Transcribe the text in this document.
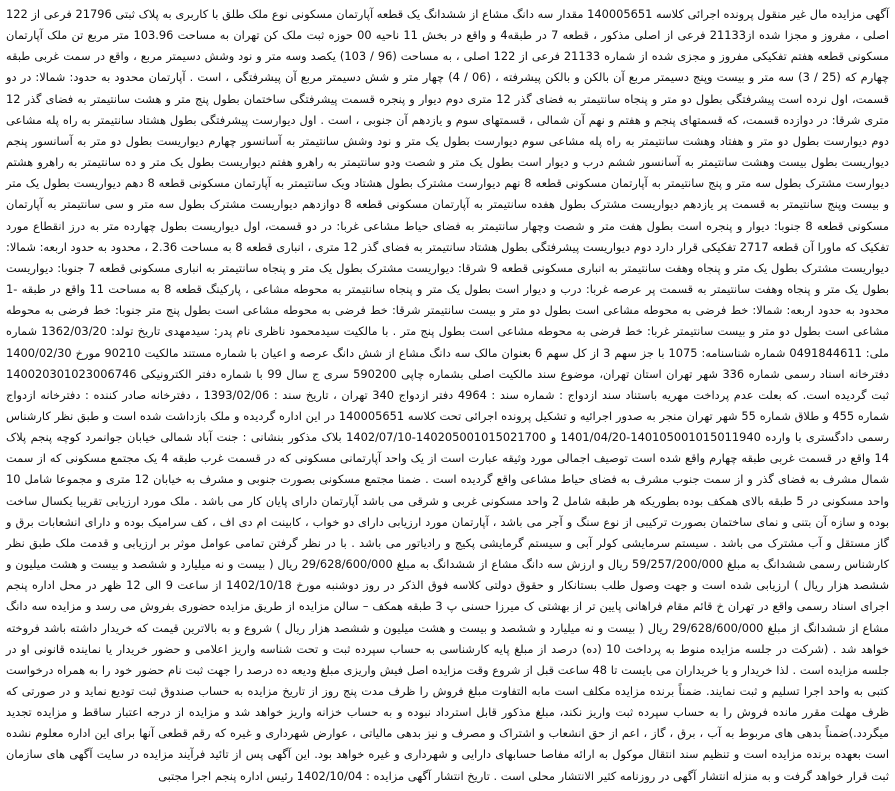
آگهی مزایده مال غیر منقول پرونده اجرائی کلاسه 140005651 مقدار سه دانگ مشاع از ششدانگ یک قطعه آپارتمان مسکونی نوع ملک طلق با کاربری به پلاک ثبتی 21796 فرعی از 122 اصلی ، مفروز و مجزا شده از21133 فرعی از اصلی مذکور ، قطعه 7 در طبقه4 و واقع در بخش 11 ناحیه 00 حوزه ثبت ملک کن تهران به مساحت 103.96 متر مربع تن ملک آپارتمان مسکونی قطعه هفتم تفکیکی مفروز و مجزی شده از شماره 21133 فرعی از 122 اصلی ، به مساحت (96 / 103) یکصد وسه متر و نود وشش دسیمتر مربع ، واقع در سمت غربی طبقه چهارم که (25 / 3) سه متر و بیست وپنج دسیمتر مربع آن بالکن و بالکن پیشرفته ، (06 / 4) چهار متر و شش دسیمتر مربع آن پیشرفتگی ، است . آپارتمان محدود به حدود: شمالا: در دو قسمت، اول نرده است پیشرفتگی بطول دو متر و پنجاه سانتیمتر به فضای گذر 12 متری دوم دیوار و پنجره قسمت پیشرفتگی ساختمان بطول پنج متر و هشت سانتیمتر به فضای گذر 12 متری شرقا: در دوازده قسمت، که قسمتهای پنجم و هفتم و نهم آن شمالی ، قسمتهای سوم و یازدهم آن جنوبی ، است . اول دیوارست پیشرفتگی بطول هشتاد سانتیمتر به راه پله مشاعی دوم دیوارست بطول دو متر و هفتاد وهشت سانتیمتر به راه پله مشاعی سوم دیوارست بطول یک متر و نود وشش سانتیمتر به آسانسور چهارم دیواریست بطول دو متر به آسانسور پنجم دیواریست بطول بیست وهشت سانتیمتر به آسانسور ششم درب و دیوار است بطول یک متر و شصت ودو سانتیمتر به راهرو هفتم دیواریست بطول یک متر و ده سانتیمتر به راهرو هشتم دیوارست مشترک بطول سه متر و پنج سانتیمتر به آپارتمان مسکونی قطعه 8 نهم دیوارست مشترک بطول هشتاد ویک سانتیمتر به آپارتمان مسکونی قطعه 8 دهم دیواریست بطول یک متر و بیست وپنج سانتیمتر به قسمت پر یازدهم دیواریست مشترک بطول هفده سانتیمتر به آپارتمان مسکونی قطعه 8 دوازدهم دیواریست مشترک بطول سه متر و سی سانتیمتر به آپارتمان مسکونی قطعه 8 جنوبا: دیوار و پنجره است بطول هفت متر و شصت وچهار سانتیمتر به فضای حیاط مشاعی غربا: در دو قسمت، اول دیواریست بطول چهارده متر به درز انقطاع مورد تفکیک که ماورا آن قطعه 2717 تفکیکی قرار دارد دوم دیواریست پیشرفتگی بطول هشتاد سانتیمتر به فضای گذر 12 متری ، انباری قطعه 8 به مساحت 2.36 ، محدود به حدود اربعه: شمالا: دیواریست مشترک بطول یک متر و پنجاه وهفت سانتیمتر به انباری مسکونی قطعه 9 شرقا: دیواریست مشترک بطول یک متر و پنجاه سانتیمتر به انباری مسکونی قطعه 7 جنوبا: دیواریست بطول یک متر و پنجاه وهفت سانتیمتر به قسمت پر عرصه غربا: درب و دیوار است بطول یک متر و پنجاه سانتیمتر به محوطه مشاعی ، پارکینگ قطعه 8 به مساحت 11 واقع در طبقه -1 محدود به حدود اربعه: شمالا: خط فرضی به محوطه مشاعی است بطول دو متر و بیست سانتیمتر شرقا: خط فرضی به محوطه مشاعی است بطول پنج متر جنوبا: خط فرضی به محوطه مشاعی است بطول دو متر و بیست سانتیمتر غربا: خط فرضی به محوطه مشاعی است بطول پنج متر . با مالکیت سیدمحمود ناظری نام پدر: سیدمهدی تاریخ تولد: 1362/03/20 شماره ملی: 0491844611 شماره شناسنامه: 1075 با جز سهم 3 از کل سهم 6 بعنوان مالک سه دانگ مشاع از شش دانگ عرصه و اعیان با شماره مستند مالکیت 90210 مورخ 1400/02/30 دفترخانه اسناد رسمی شماره 336 شهر تهران استان تهران، موضوع سند مالکیت اصلی بشماره چاپی 590200 سری ج سال 99 با شماره دفتر الکترونیکی 140020301023006746 ثبت گردیده است. که بعلت عدم پرداخت مهریه باستناد سند ازدواج : شماره سند : 4964 دفتر ازدواج 340 تهران ، تاریخ سند : 1393/02/06 ، دفترخانه صادر کننده : دفترخانه ازدواج شماره 455 و طلاق شماره 55 شهر تهران منجر به صدور اجرائیه و تشکیل پرونده اجرائی تحت کلاسه 140005651 در این اداره گردیده و ملک بازداشت شده است و طبق نظر کارشناس رسمی دادگستری با وارده 140105001015011940-1401/04/20 و 140205001015021700-1402/07/10 بلاک مذکور بنشانی : جنت آباد شمالی خیابان جوانمرد کوچه پنجم پلاک 14 واقع در قسمت غربی طبقه چهارم واقع شده است توصیف اجمالی مورد وثیقه عبارت است از یک واحد آپارتمانی مسکونی که در قسمت غرب طبقه 4 یک مجتمع مسکونی که از سمت شمال مشرف به فضای گذر و از سمت جنوب مشرف به فضای حیاط مشاعی واقع گردیده است . ضمنا مجتمع مسکونی بصورت جنوبی و مشرف به خیابان 12 متری و مجموعا شامل 10 واحد مسکونی در 5 طبقه بالای همکف بوده بطوریکه هر طبقه شامل 2 واحد مسکونی غربی و شرقی می باشد آپارتمان دارای پایان کار می باشد . ملک مورد ارزیابی تقریبا یکسال ساخت بوده و سازه آن بتنی و نمای ساختمان بصورت ترکیبی از نوع سنگ و آجر می باشد ، آپارتمان مورد ارزیابی دارای دو خواب ، کابینت ام دی اف ، کف سرامیک بوده و دارای انشعابات برق و گاز مستقل و آب مشترک می باشد . سیستم سرمایشی کولر آبی و سیستم گرمایشی پکیج و رادیاتور می باشد . با در نظر گرفتن تمامی عوامل موثر بر ارزیابی و قدمت ملک طبق نظر کارشناس رسمی ششدانگ به مبلغ 59/257/200/000 ریال و ارزش سه دانگ مشاع از ششدانگ به مبلغ 29/628/600/000 ریال ( بیست و نه میلیارد و ششصد و بیست و هشت میلیون و ششصد هزار ریال ) ارزیابی شده است و جهت وصول طلب بستانکار و حقوق دولتی کلاسه فوق الذکر در روز دوشنبه مورخ 1402/10/18 از ساعت 9 الی 12 ظهر در محل اداره پنجم اجرای اسناد رسمی واقع در تهران خ قائم مقام فراهانی پایین تر از بهشتی ک میرزا حسنی پ 3 طبقه همکف – سالن مزایده از طریق مزایده حضوری بفروش می رسد و مزایده سه دانگ مشاع از ششدانگ از مبلغ 29/628/600/000 ریال ( بیست و نه میلیارد و ششصد و بیست و هشت میلیون و ششصد هزار ریال ) شروع و به بالاترین قیمت که خریدار داشته باشد فروخته خواهد شد . (شرکت در جلسه مزایده منوط به پرداخت 10 (ده) درصد از مبلغ پایه کارشناسی به حساب سپرده ثبت و تحت شناسه واریز اعلامی و حضور خریدار یا نماینده قانونی او در جلسه مزایده است . لذا خریدار و یا خریداران می بایست تا 48 ساعت قبل از شروع وقت مزایده اصل فیش واریزی مبلغ ودیعه ده درصد را جهت ثبت نام حضور خود را به همراه درخواست کتبی به واحد اجرا تسلیم و ثبت نمایند. ضمناً برنده مزایده مکلف است مابه التفاوت مبلغ فروش را ظرف مدت پنج روز از تاریخ مزایده به حساب صندوق ثبت تودیع نماید و در صورتی که ظرف مهلت مقرر مانده فروش را به حساب سپرده ثبت واریز نکند، مبلغ مذکور قابل استرداد نبوده و به حساب خزانه واریز خواهد شد و مزایده از درجه اعتبار ساقط و مزایده تجدید میگردد.)ضمناً بدهی های مربوط به آب ، برق ، گاز ، اعم از حق انشعاب و اشتراک و مصرف و نیز بدهی مالیاتی ، عوارض شهرداری و غیره که رقم قطعی آنها برای این اداره معلوم نشده است بعهده برنده مزایده است و تنظیم سند انتقال موکول به ارائه مفاصا حسابهای دارایی و شهرداری و غیره خواهد بود. این آگهی پس از تائید فرآیند مزایده در سایت آگهی های سازمان ثبت قرار خواهد گرفت و به منزله انتشار آگهی در روزنامه کثیر الانتشار محلی است . تاریخ انتشار آگهی مزایده : 1402/10/04 رئیس اداره پنجم اجرا مجتبی
